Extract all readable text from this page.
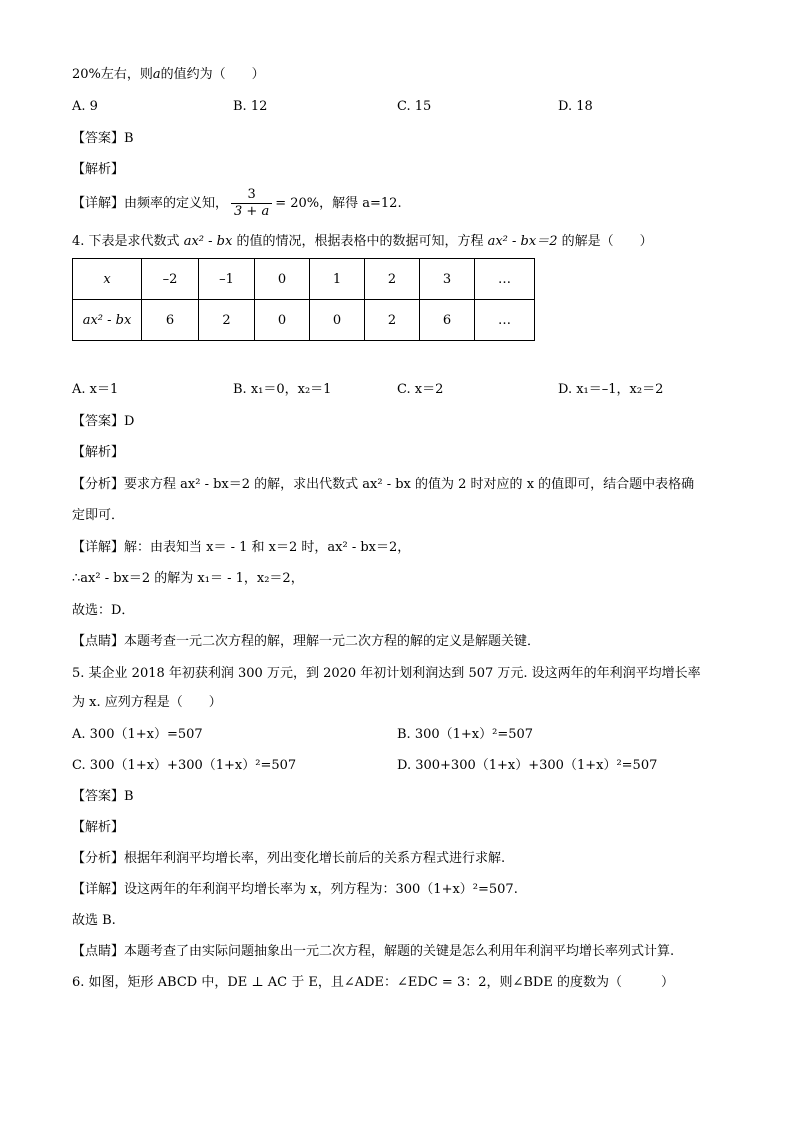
20%左右，则a的值约为（　　）
A. 9	B. 12	C. 15	D. 18
【答案】B
【解析】
【详解】由频率的定义知， $\frac{3}{3 + a} = 20\%$，解得 a=12.
4. 下表是求代数式 ax² - bx 的值的情况，根据表格中的数据可知，方程 ax² - bx＝2 的解是（　　）
x	–2	–1	0	1	2	3	…
ax² - bx	6	2	0	0	2	6	…
A. x＝1	B. x₁＝0，x₂＝1	C. x＝2	D. x₁＝–1，x₂＝2
【答案】D
【解析】
【分析】要求方程 ax² - bx＝2 的解，求出代数式 ax² - bx 的值为 2 时对应的 x 的值即可，结合题中表格确
定即可．
【详解】解：由表知当 x＝ - 1 和 x＝2 时，ax² - bx＝2，
∴ax² - bx＝2 的解为 x₁＝ - 1，x₂＝2，
故选：D．
【点睛】本题考查一元二次方程的解，理解一元二次方程的解的定义是解题关键．
5. 某企业 2018 年初获利润 300 万元，到 2020 年初计划利润达到 507 万元. 设这两年的年利润平均增长率
为 x. 应列方程是（　　）
A. 300（1+x）=507	B. 300（1+x）²=507
C. 300（1+x）+300（1+x）²=507	D. 300+300（1+x）+300（1+x）²=507
【答案】B
【解析】
【分析】根据年利润平均增长率，列出变化增长前后的关系方程式进行求解.
【详解】设这两年的年利润平均增长率为 x，列方程为：300（1+x）²=507.
故选 B.
【点睛】本题考查了由实际问题抽象出一元二次方程，解题的关键是怎么利用年利润平均增长率列式计算.
6. 如图，矩形 ABCD 中，DE ⊥ AC 于 E，且∠ADE：∠EDC = 3：2，则∠BDE 的度数为（　　　）
